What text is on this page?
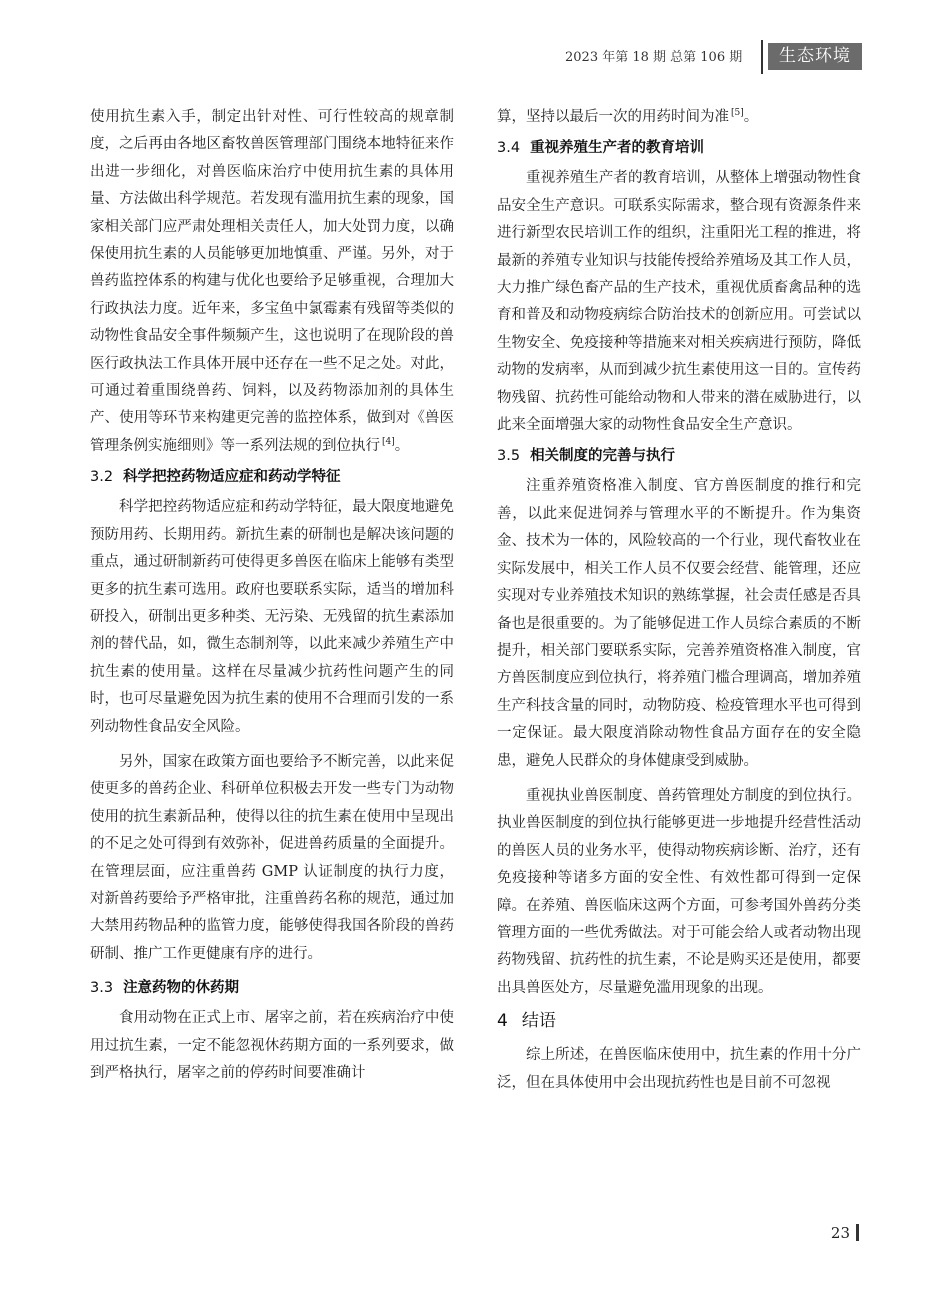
2023 年第 18 期 总第 106 期	生态环境

使用抗生素入手，制定出针对性、可行性较高的规章制度，之后再由各地区畜牧兽医管理部门围绕本地特征来作出进一步细化，对兽医临床治疗中使用抗生素的具体用量、方法做出科学规范。若发现有滥用抗生素的现象，国家相关部门应严肃处理相关责任人，加大处罚力度，以确保使用抗生素的人员能够更加地慎重、严谨。另外，对于兽药监控体系的构建与优化也要给予足够重视，合理加大行政执法力度。近年来，多宝鱼中氯霉素有残留等类似的动物性食品安全事件频频产生，这也说明了在现阶段的兽医行政执法工作具体开展中还存在一些不足之处。对此，可通过着重围绕兽药、饲料，以及药物添加剂的具体生产、使用等环节来构建更完善的监控体系，做到对《兽医管理条例实施细则》等一系列法规的到位执行 [4]。

3.2 科学把控药物适应症和药动学特征

科学把控药物适应症和药动学特征，最大限度地避免预防用药、长期用药。新抗生素的研制也是解决该问题的重点，通过研制新药可使得更多兽医在临床上能够有类型更多的抗生素可选用。政府也要联系实际，适当的增加科研投入，研制出更多种类、无污染、无残留的抗生素添加剂的替代品，如，微生态制剂等，以此来减少养殖生产中抗生素的使用量。这样在尽量减少抗药性问题产生的同时，也可尽量避免因为抗生素的使用不合理而引发的一系列动物性食品安全风险。

另外，国家在政策方面也要给予不断完善，以此来促使更多的兽药企业、科研单位积极去开发一些专门为动物使用的抗生素新品种，使得以往的抗生素在使用中呈现出的不足之处可得到有效弥补，促进兽药质量的全面提升。在管理层面，应注重兽药 GMP 认证制度的执行力度，对新兽药要给予严格审批，注重兽药名称的规范，通过加大禁用药物品种的监管力度，能够使得我国各阶段的兽药研制、推广工作更健康有序的进行。

3.3 注意药物的休药期

食用动物在正式上市、屠宰之前，若在疾病治疗中使用过抗生素，一定不能忽视休药期方面的一系列要求，做到严格执行，屠宰之前的停药时间要准确计

算，坚持以最后一次的用药时间为准 [5]。

3.4 重视养殖生产者的教育培训

重视养殖生产者的教育培训，从整体上增强动物性食品安全生产意识。可联系实际需求，整合现有资源条件来进行新型农民培训工作的组织，注重阳光工程的推进，将最新的养殖专业知识与技能传授给养殖场及其工作人员，大力推广绿色畜产品的生产技术，重视优质畜禽品种的选育和普及和动物疫病综合防治技术的创新应用。可尝试以生物安全、免疫接种等措施来对相关疾病进行预防，降低动物的发病率，从而到减少抗生素使用这一目的。宣传药物残留、抗药性可能给动物和人带来的潜在威胁进行，以此来全面增强大家的动物性食品安全生产意识。

3.5 相关制度的完善与执行

注重养殖资格准入制度、官方兽医制度的推行和完善，以此来促进饲养与管理水平的不断提升。作为集资金、技术为一体的，风险较高的一个行业，现代畜牧业在实际发展中，相关工作人员不仅要会经营、能管理，还应实现对专业养殖技术知识的熟练掌握，社会责任感是否具备也是很重要的。为了能够促进工作人员综合素质的不断提升，相关部门要联系实际，完善养殖资格准入制度，官方兽医制度应到位执行，将养殖门槛合理调高，增加养殖生产科技含量的同时，动物防疫、检疫管理水平也可得到一定保证。最大限度消除动物性食品方面存在的安全隐患，避免人民群众的身体健康受到威胁。

重视执业兽医制度、兽药管理处方制度的到位执行。执业兽医制度的到位执行能够更进一步地提升经营性活动的兽医人员的业务水平，使得动物疾病诊断、治疗，还有免疫接种等诸多方面的安全性、有效性都可得到一定保障。在养殖、兽医临床这两个方面，可参考国外兽药分类管理方面的一些优秀做法。对于可能会给人或者动物出现药物残留、抗药性的抗生素，不论是购买还是使用，都要出具兽医处方，尽量避免滥用现象的出现。

4 结语

综上所述，在兽医临床使用中，抗生素的作用十分广泛，但在具体使用中会出现抗药性也是目前不可忽视

23
